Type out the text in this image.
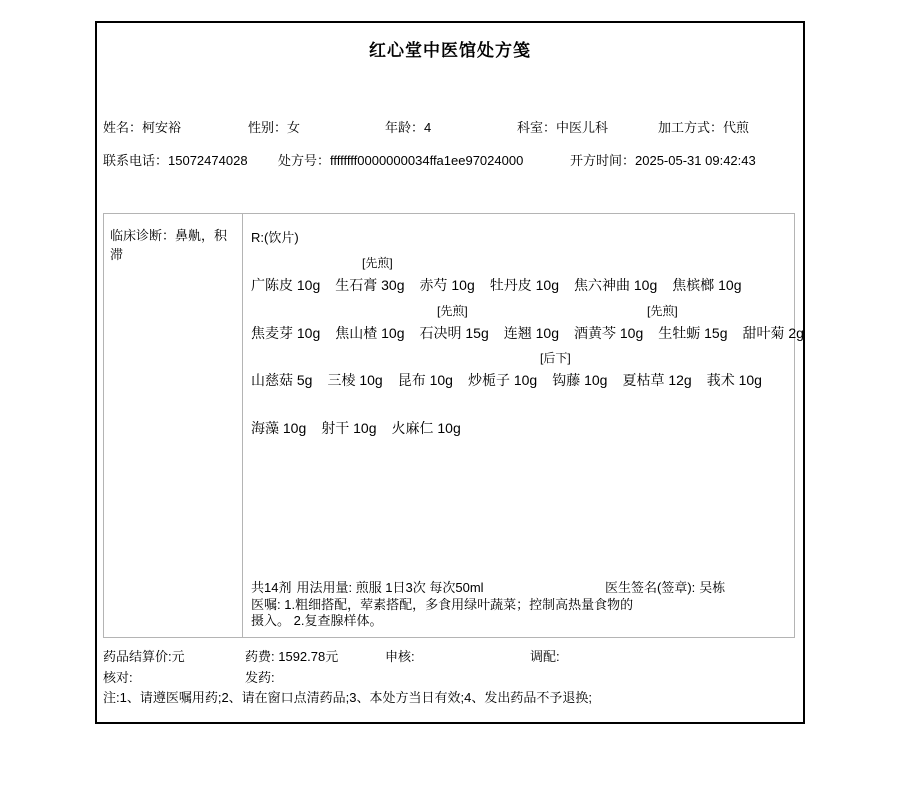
红心堂中医馆处方笺
姓名：柯安裕	性别：女	年龄：4	科室：中医儿科	加工方式：代煎
联系电话：15072474028 处方号：ffffffff0000000034ffa1ee97024000	开方时间：2025-05-31 09:42:43
临床诊断：鼻鼽，积滞
R:(饮片)
[先煎]
广陈皮 10g 生石膏 30g 赤芍 10g 牡丹皮 10g 焦六神曲 10g 焦槟榔 10g
[先煎]	[先煎]
焦麦芽 10g 焦山楂 10g 石决明 15g 连翘 10g 酒黄芩 10g 生牡蛎 15g 甜叶菊 2g
[后下]
山慈菇 5g 三棱 10g 昆布 10g 炒栀子 10g 钩藤 10g 夏枯草 12g 莪术 10g
海藻 10g 射干 10g 火麻仁 10g
共14剂 用法用量: 煎服 1日3次 每次50ml	医生签名(签章): 吴栋
医嘱: 1.粗细搭配，荤素搭配，多食用绿叶蔬菜；控制高热量食物的摄入。 2.复查腺样体。
药品结算价:元	药费: 1592.78元	申核:	调配:
核对:	发药:
注:1、请遵医嘱用药;2、请在窗口点清药品;3、本处方当日有效;4、发出药品不予退换;
